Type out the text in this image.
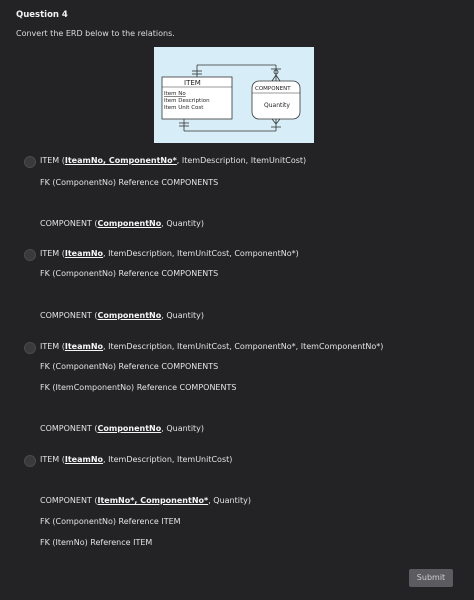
Question 4
Convert the ERD below to the relations.
ITEM
Item No
Item Description
Item Unit Cost
COMPONENT
Quantity
ITEM (IteamNo, ComponentNo*, ItemDescription, ItemUnitCost)
FK (ComponentNo) Reference COMPONENTS
COMPONENT (ComponentNo, Quantity)
ITEM (IteamNo, ItemDescription, ItemUnitCost, ComponentNo*)
FK (ComponentNo) Reference COMPONENTS
COMPONENT (ComponentNo, Quantity)
ITEM (IteamNo, ItemDescription, ItemUnitCost, ComponentNo*, ItemComponentNo*)
FK (ComponentNo) Reference COMPONENTS
FK (ItemComponentNo) Reference COMPONENTS
COMPONENT (ComponentNo, Quantity)
ITEM (IteamNo, ItemDescription, ItemUnitCost)
COMPONENT (ItemNo*, ComponentNo*, Quantity)
FK (ComponentNo) Reference ITEM
FK (ItemNo) Reference ITEM
Submit
